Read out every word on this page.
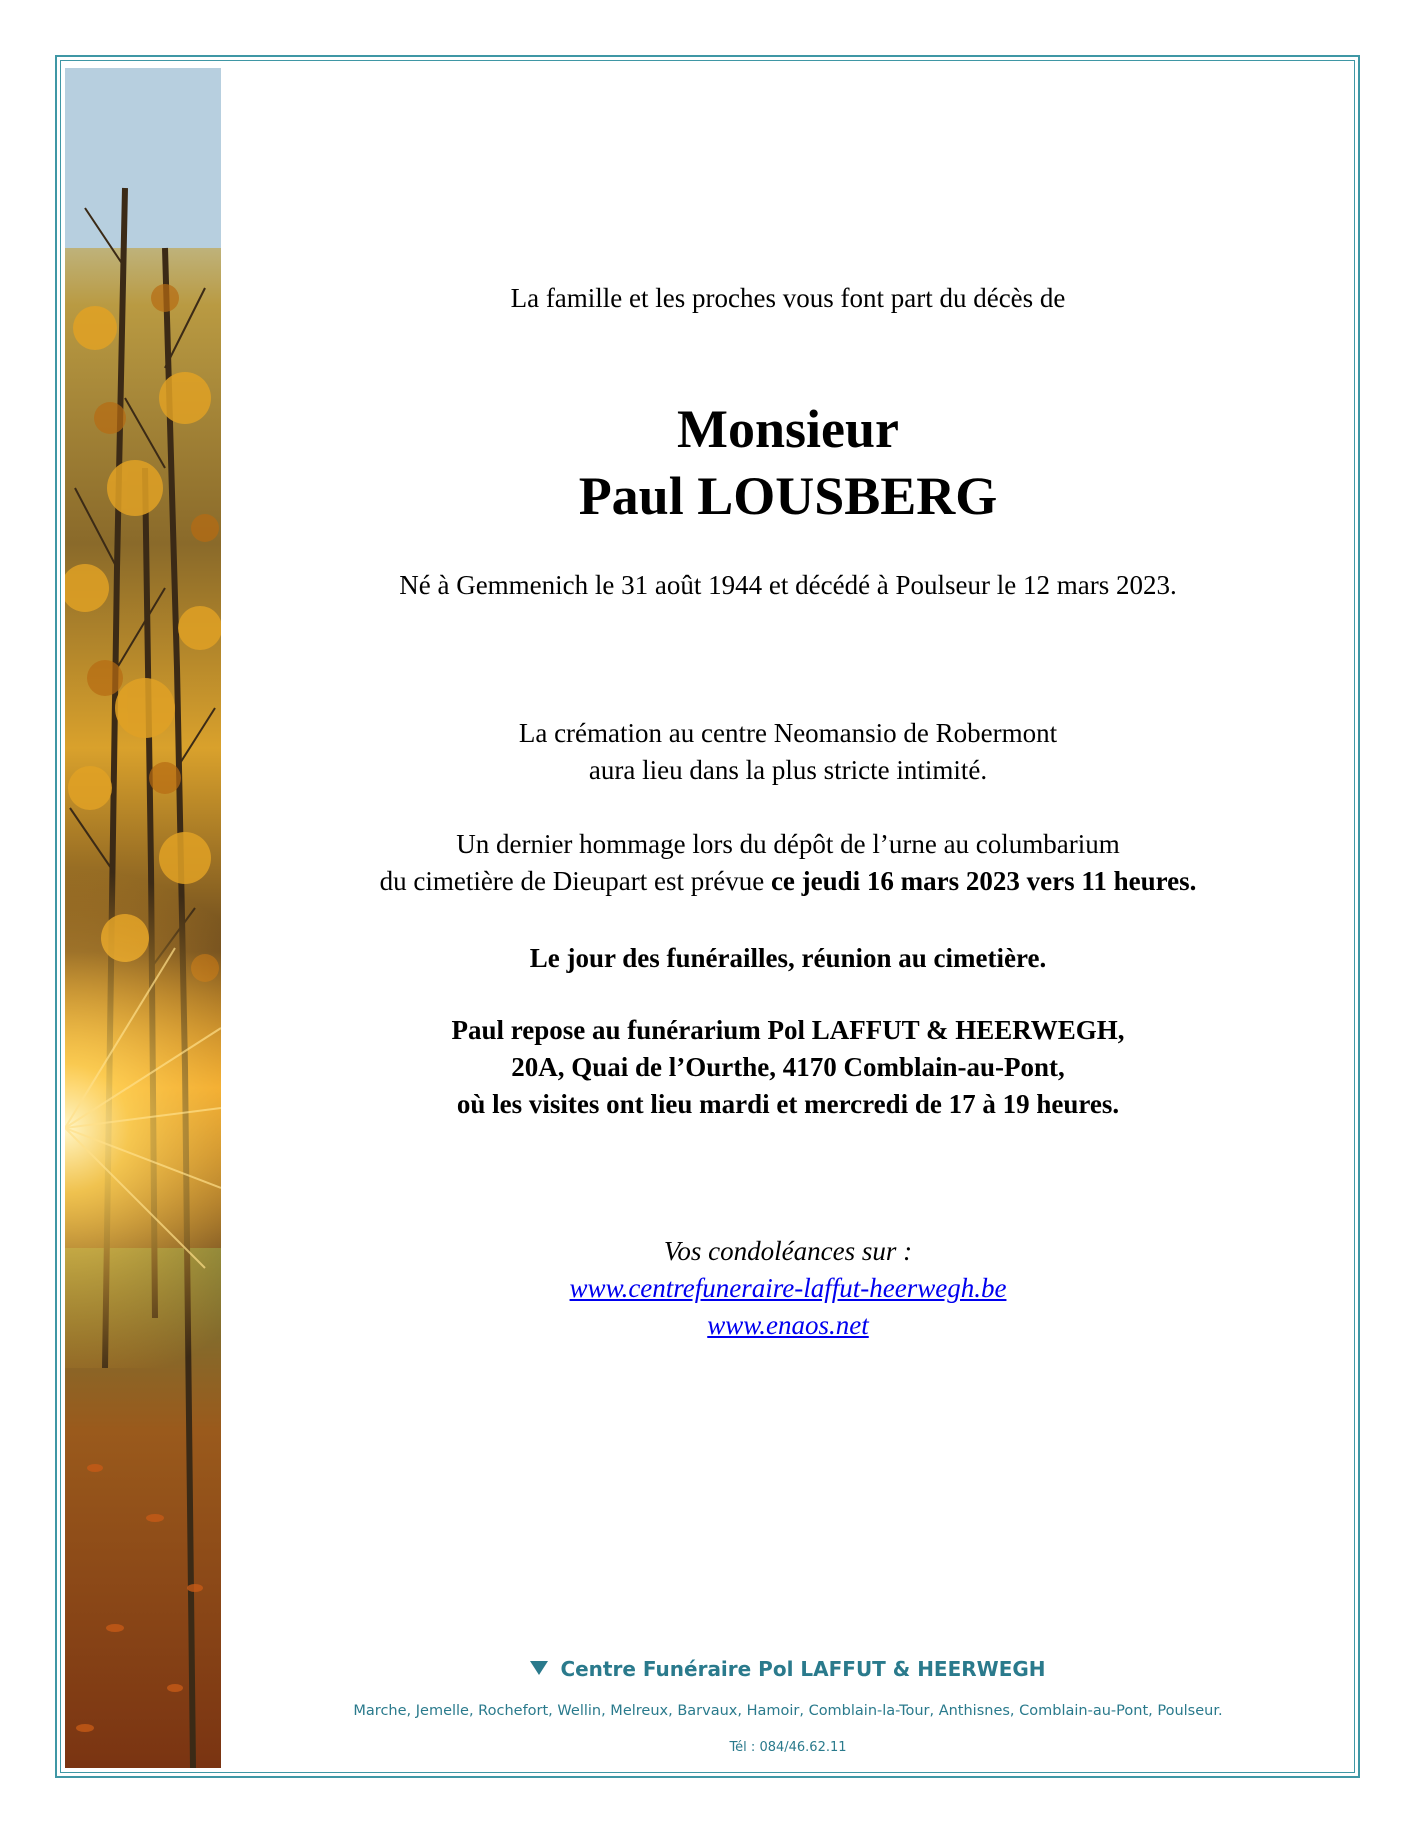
La famille et les proches vous font part du décès de
Monsieur
Paul LOUSBERG
Né à Gemmenich le 31 août 1944 et décédé à Poulseur le 12 mars 2023.
La crémation au centre Neomansio de Robermont
aura lieu dans la plus stricte intimité.
Un dernier hommage lors du dépôt de l’urne au columbarium
du cimetière de Dieupart est prévue ce jeudi 16 mars 2023 vers 11 heures.
Le jour des funérailles, réunion au cimetière.
Paul repose au funérarium Pol LAFFUT & HEERWEGH,
20A, Quai de l’Ourthe, 4170 Comblain-au-Pont,
où les visites ont lieu mardi et mercredi de 17 à 19 heures.
Vos condoléances sur :
www.centrefuneraire-laffut-heerwegh.be
www.enaos.net
Centre Funéraire Pol LAFFUT & HEERWEGH
Marche, Jemelle, Rochefort, Wellin, Melreux, Barvaux, Hamoir, Comblain-la-Tour, Anthisnes, Comblain-au-Pont, Poulseur.
Tél : 084/46.62.11
